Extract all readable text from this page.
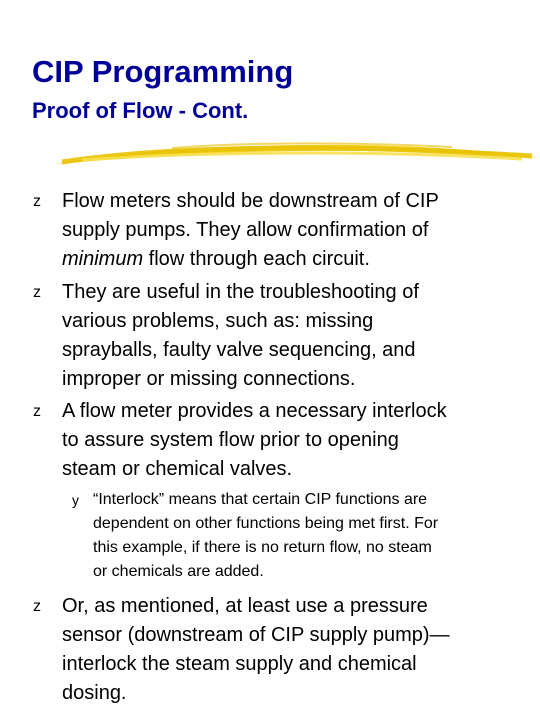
CIP Programming
Proof of Flow - Cont.
z	Flow meters should be downstream of CIP
supply pumps. They allow confirmation of
minimum flow through each circuit.
z	They are useful in the troubleshooting of
various problems, such as: missing
sprayballs, faulty valve sequencing, and
improper or missing connections.
z	A flow meter provides a necessary interlock
to assure system flow prior to opening
steam or chemical valves.
y “Interlock” means that certain CIP functions are
dependent on other functions being met first. For
this example, if there is no return flow, no steam
or chemicals are added.
z	Or, as mentioned, at least use a pressure
sensor (downstream of CIP supply pump)—
interlock the steam supply and chemical
dosing.
